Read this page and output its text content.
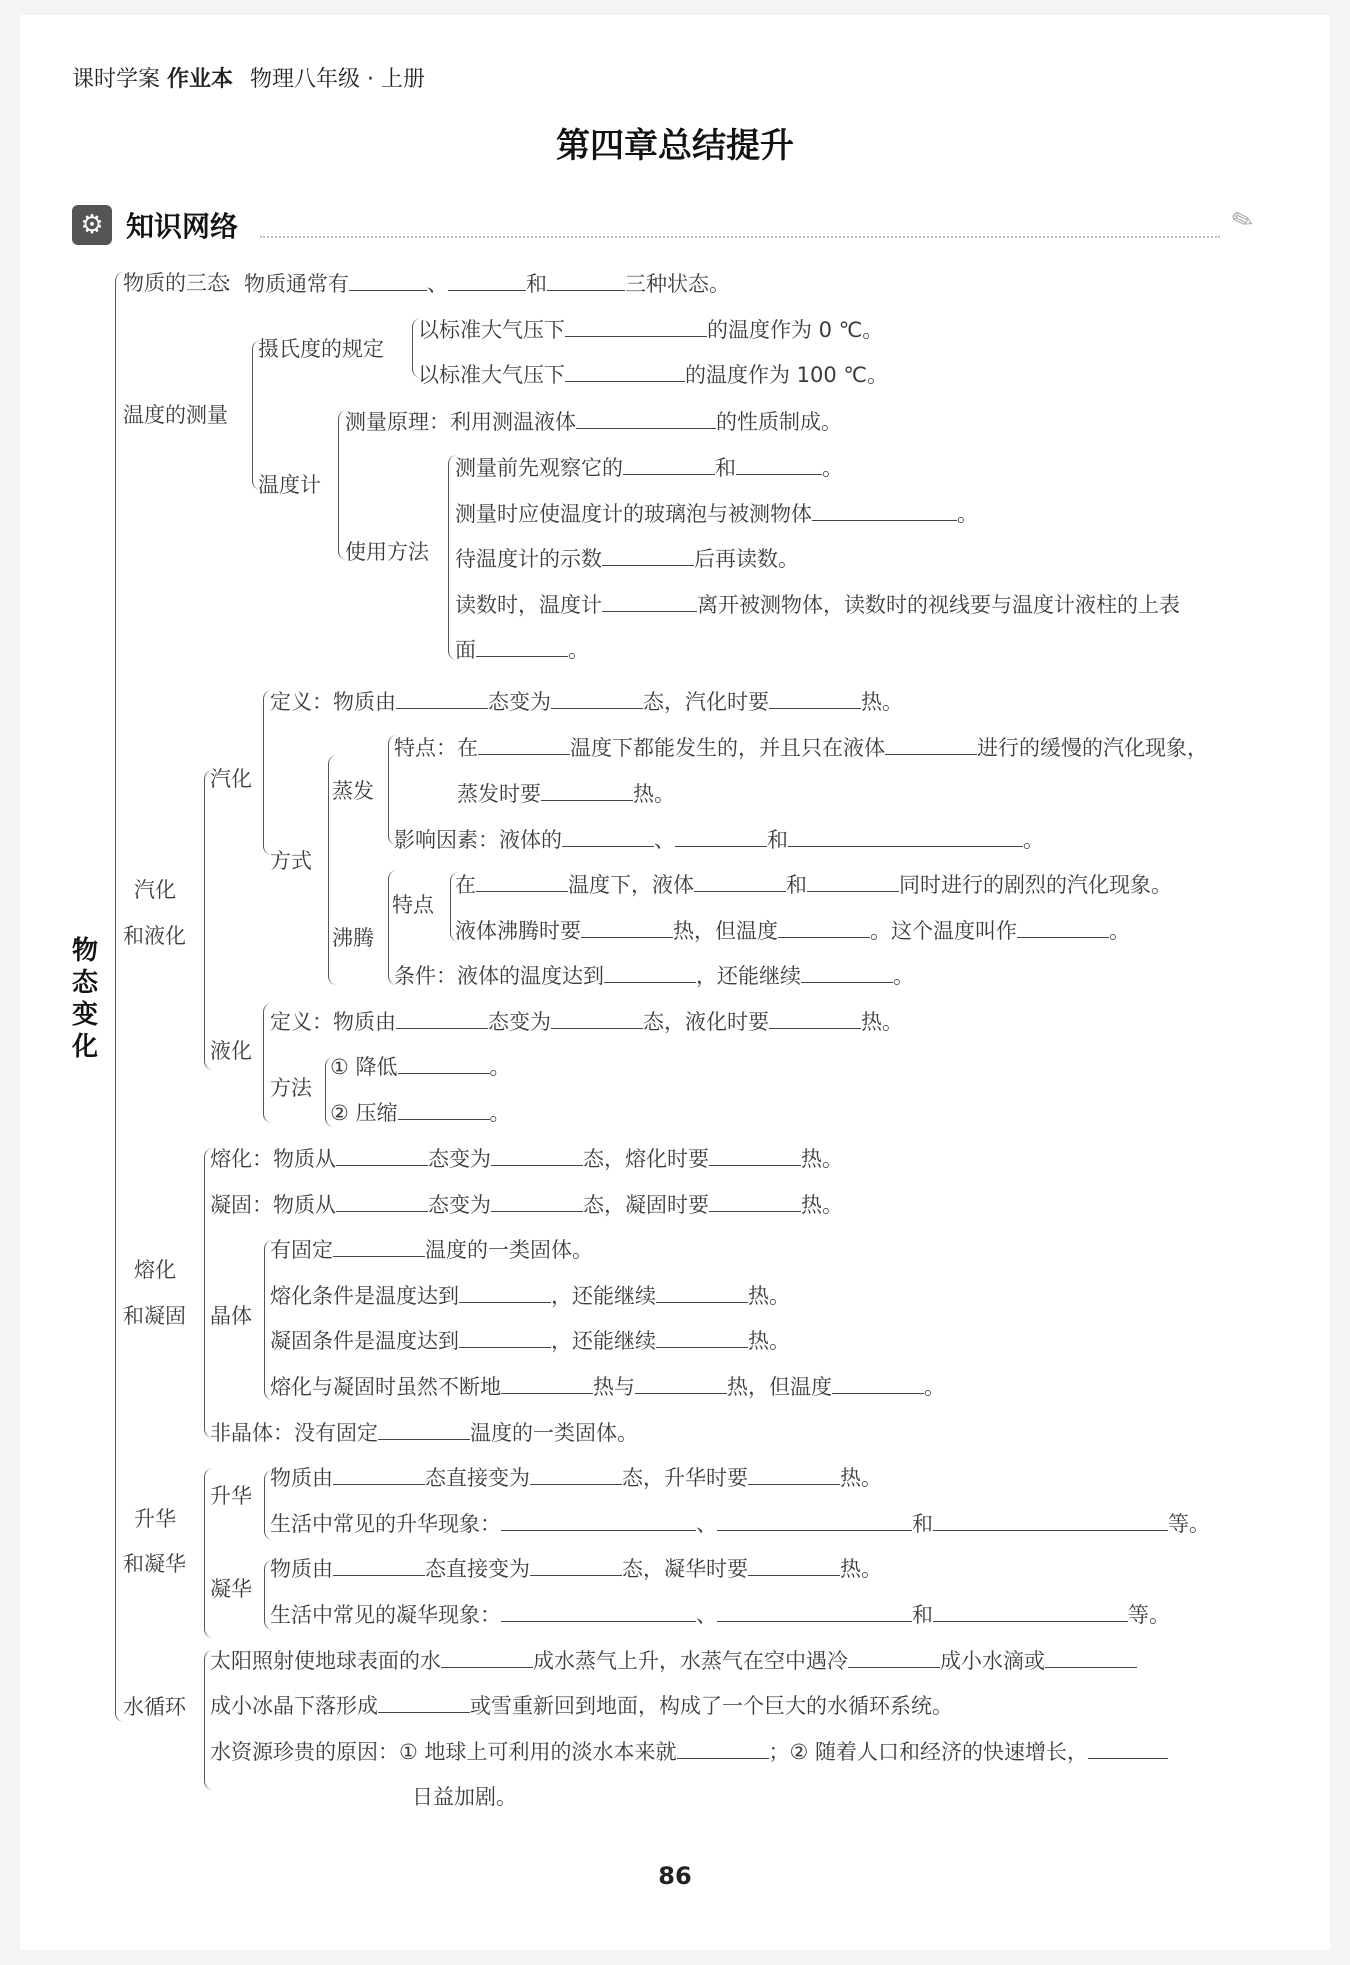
课时学案 作业本 物理八年级 · 上册
第四章总结提升
⚙ 知识网络	✎
物态变化
物质的三态
温度的测量
摄氏度的规定
温度计
使用方法
汽化
和液化
汽化
方式
蒸发
沸腾
特点
液化
方法
熔化
和凝固 晶体
升华
和凝华
升华
凝华
水循环
：物质通常有	、	和	三种状态。
以标准大气压下	的温度作为 0 ℃。
以标准大气压下	的温度作为 100 ℃。
测量原理：利用测温液体	的性质制成。
测量前先观察它的	和	。
测量时应使温度计的玻璃泡与被测物体	。
待温度计的示数	后再读数。
读数时，温度计	离开被测物体，读数时的视线要与温度计液柱的上表
面	。
定义：物质由	态变为	态，汽化时要	热。
特点：在	温度下都能发生的，并且只在液体	进行的缓慢的汽化现象，
蒸发时要	热。
影响因素：液体的	、	和	。
在	温度下，液体	和	同时进行的剧烈的汽化现象。
液体沸腾时要	热，但温度	。这个温度叫作	。
条件：液体的温度达到	，还能继续	。
定义：物质由	态变为	态，液化时要	热。
① 降低	。
② 压缩	。
熔化：物质从	态变为	态，熔化时要	热。
凝固：物质从	态变为	态，凝固时要	热。
有固定	温度的一类固体。
熔化条件是温度达到	，还能继续	热。
凝固条件是温度达到	，还能继续	热。
熔化与凝固时虽然不断地	热与	热，但温度	。
非晶体：没有固定	温度的一类固体。
物质由	态直接变为	态，升华时要	热。
生活中常见的升华现象：	、	和	等。
物质由	态直接变为	态，凝华时要	热。
生活中常见的凝华现象：	、	和	等。
太阳照射使地球表面的水	成水蒸气上升，水蒸气在空中遇冷	成小水滴或
成小冰晶下落形成	或雪重新回到地面，构成了一个巨大的水循环系统。
水资源珍贵的原因：① 地球上可利用的淡水本来就	；② 随着人口和经济的快速增长，
日益加剧。
86
